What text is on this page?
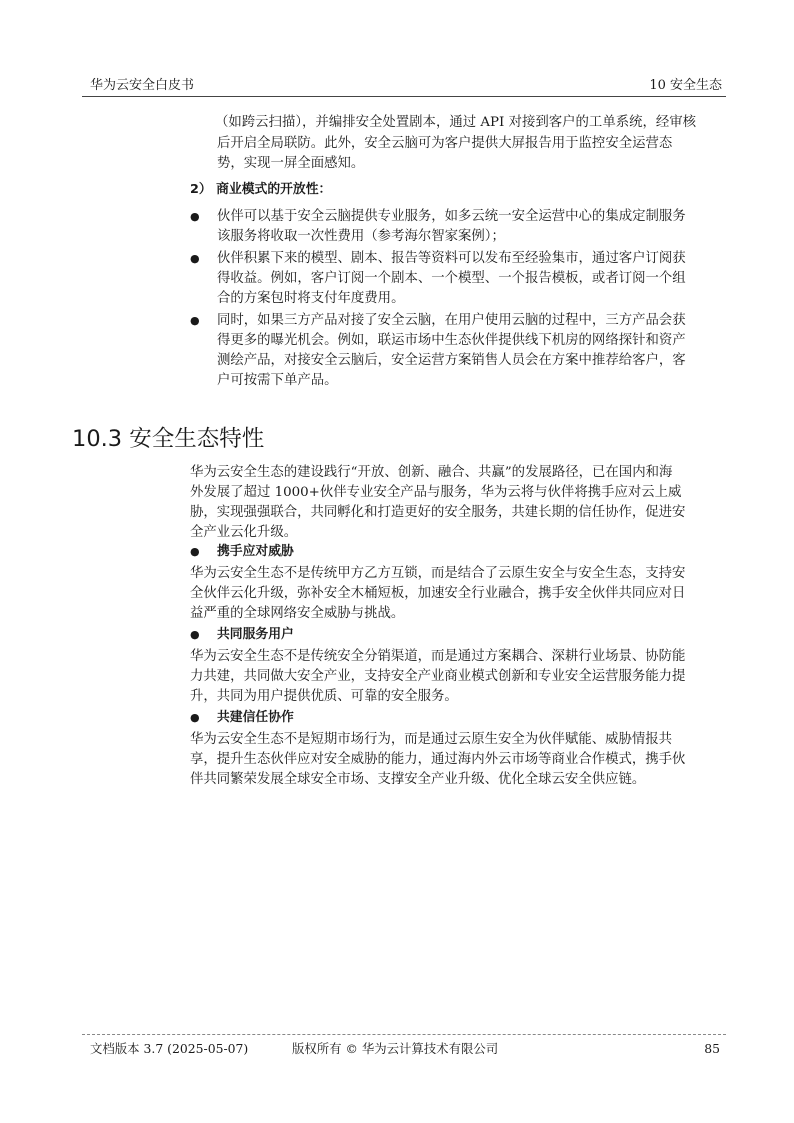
华为云安全白皮书	10 安全生态
（如跨云扫描），并编排安全处置剧本，通过 API 对接到客户的工单系统，经审核
后开启全局联防。此外，安全云脑可为客户提供大屏报告用于监控安全运营态
势，实现一屏全面感知。
2） 商业模式的开放性：
● 伙伴可以基于安全云脑提供专业服务，如多云统一安全运营中心的集成定制服务
该服务将收取一次性费用（参考海尔智家案例）；
● 伙伴积累下来的模型、剧本、报告等资料可以发布至经验集市，通过客户订阅获
得收益。例如，客户订阅一个剧本、一个模型、一个报告模板，或者订阅一个组
合的方案包时将支付年度费用。
● 同时，如果三方产品对接了安全云脑，在用户使用云脑的过程中，三方产品会获
得更多的曝光机会。例如，联运市场中生态伙伴提供线下机房的网络探针和资产
测绘产品，对接安全云脑后，安全运营方案销售人员会在方案中推荐给客户，客
户可按需下单产品。
10.3 安全生态特性
华为云安全生态的建设践行“开放、创新、融合、共赢”的发展路径，已在国内和海
外发展了超过 1000+伙伴专业安全产品与服务，华为云将与伙伴将携手应对云上威
胁，实现强强联合，共同孵化和打造更好的安全服务，共建长期的信任协作，促进安
全产业云化升级。
● 携手应对威胁
华为云安全生态不是传统甲方乙方互锁，而是结合了云原生安全与安全生态，支持安
全伙伴云化升级，弥补安全木桶短板，加速安全行业融合，携手安全伙伴共同应对日
益严重的全球网络安全威胁与挑战。
● 共同服务用户
华为云安全生态不是传统安全分销渠道，而是通过方案耦合、深耕行业场景、协防能
力共建，共同做大安全产业，支持安全产业商业模式创新和专业安全运营服务能力提
升，共同为用户提供优质、可靠的安全服务。
● 共建信任协作
华为云安全生态不是短期市场行为，而是通过云原生安全为伙伴赋能、威胁情报共
享，提升生态伙伴应对安全威胁的能力，通过海内外云市场等商业合作模式，携手伙
伴共同繁荣发展全球安全市场、支撑安全产业升级、优化全球云安全供应链。
文档版本 3.7 (2025-05-07)	版权所有 © 华为云计算技术有限公司	85
